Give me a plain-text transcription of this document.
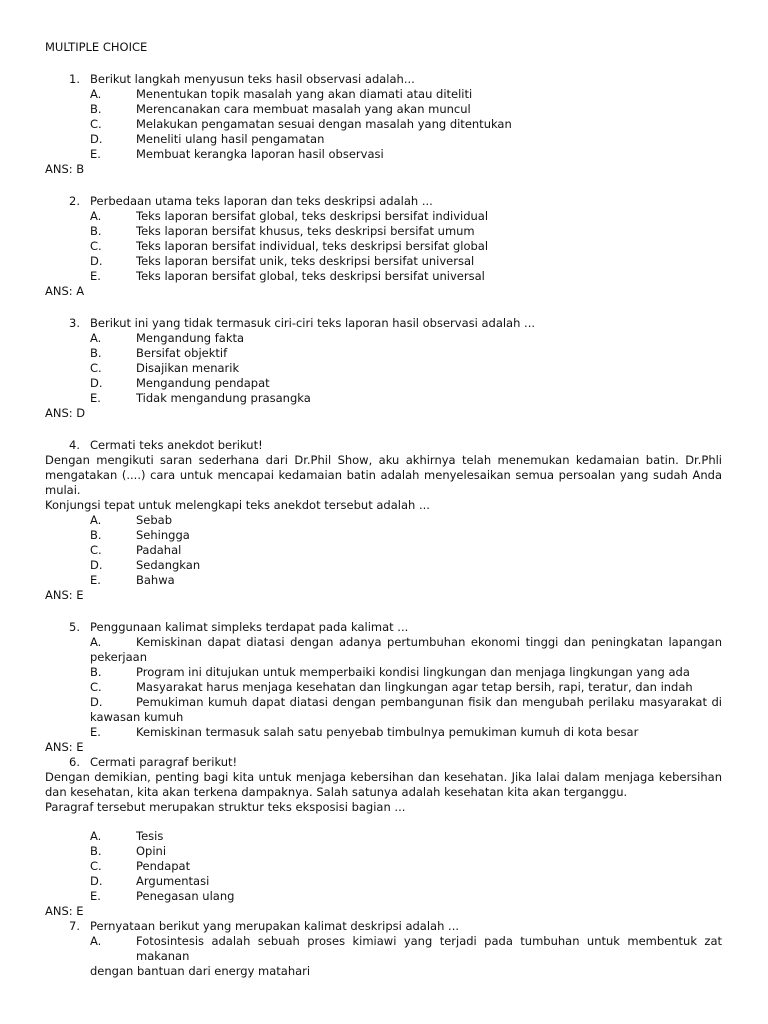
MULTIPLE CHOICE
1. Berikut langkah menyusun teks hasil observasi adalah...
A.	Menentukan topik masalah yang akan diamati atau diteliti
B.	Merencanakan cara membuat masalah yang akan muncul
C.	Melakukan pengamatan sesuai dengan masalah yang ditentukan
D.	Meneliti ulang hasil pengamatan
E.	Membuat kerangka laporan hasil observasi
ANS: B
2. Perbedaan utama teks laporan dan teks deskripsi adalah ...
A.	Teks laporan bersifat global, teks deskripsi bersifat individual
B.	Teks laporan bersifat khusus, teks deskripsi bersifat umum
C.	Teks laporan bersifat individual, teks deskripsi bersifat global
D.	Teks laporan bersifat unik, teks deskripsi bersifat universal
E.	Teks laporan bersifat global, teks deskripsi bersifat universal
ANS: A
3. Berikut ini yang tidak termasuk ciri-ciri teks laporan hasil observasi adalah ...
A.	Mengandung fakta
B.	Bersifat objektif
C.	Disajikan menarik
D.	Mengandung pendapat
E.	Tidak mengandung prasangka
ANS: D
4. Cermati teks anekdot berikut!
Dengan mengikuti saran sederhana dari Dr.Phil Show, aku akhirnya telah menemukan kedamaian batin. Dr.Phli mengatakan (....) cara untuk mencapai kedamaian batin adalah menyelesaikan semua persoalan yang sudah Anda mulai.
Konjungsi tepat untuk melengkapi teks anekdot tersebut adalah ...
A.	Sebab
B.	Sehingga
C.	Padahal
D.	Sedangkan
E.	Bahwa
ANS: E
5. Penggunaan kalimat simpleks terdapat pada kalimat ...
A.	Kemiskinan dapat diatasi dengan adanya pertumbuhan ekonomi tinggi dan peningkatan lapangan
pekerjaan
B.	Program ini ditujukan untuk memperbaiki kondisi lingkungan dan menjaga lingkungan yang ada
C.	Masyarakat harus menjaga kesehatan dan lingkungan agar tetap bersih, rapi, teratur, dan indah
D.	Pemukiman kumuh dapat diatasi dengan pembangunan fisik dan mengubah perilaku masyarakat di
kawasan kumuh
E.	Kemiskinan termasuk salah satu penyebab timbulnya pemukiman kumuh di kota besar
ANS: E
6. Cermati paragraf berikut!
Dengan demikian, penting bagi kita untuk menjaga kebersihan dan kesehatan. Jika lalai dalam menjaga kebersihan dan kesehatan, kita akan terkena dampaknya. Salah satunya adalah kesehatan kita akan terganggu.
Paragraf tersebut merupakan struktur teks eksposisi bagian ...
A.	Tesis
B.	Opini
C.	Pendapat
D.	Argumentasi
E.	Penegasan ulang
ANS: E
7. Pernyataan berikut yang merupakan kalimat deskripsi adalah ...
A.	Fotosintesis adalah sebuah proses kimiawi yang terjadi pada tumbuhan untuk membentuk zat makanan
dengan bantuan dari energy matahari
